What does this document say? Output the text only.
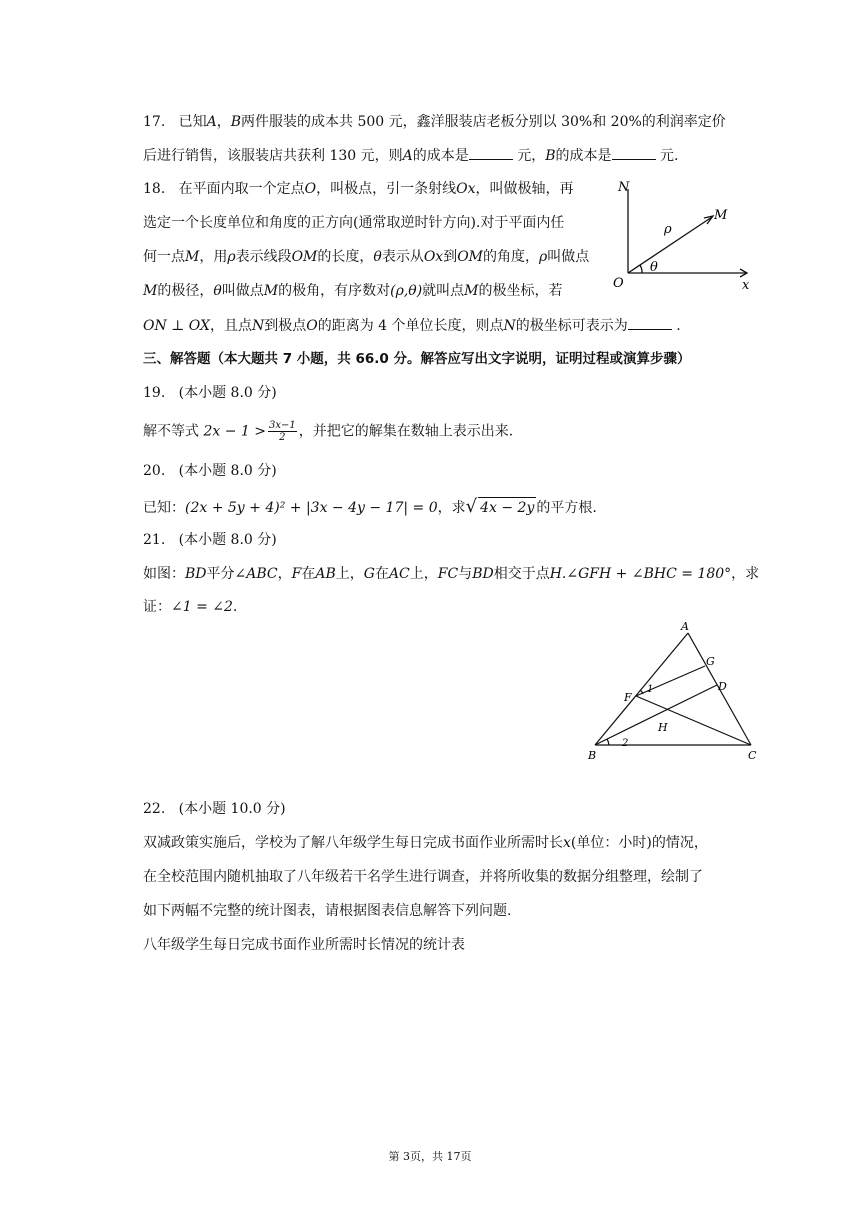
17. 已知A，B两件服装的成本共 500 元，鑫洋服装店老板分别以 30%和 20%的利润率定价
后进行销售，该服装店共获利 130 元，则A的成本是	元，B的成本是	元.
18. 在平面内取一个定点O，叫极点，引一条射线Ox，叫做极轴，再
选定一个长度单位和角度的正方向(通常取逆时针方向).对于平面内任
何一点M，用ρ表示线段OM的长度，θ表示从Ox到OM的角度，ρ叫做点
M的极径，θ叫做点M的极角，有序数对(ρ,θ)就叫点M的极坐标，若
ON ⊥ OX，且点N到极点O的距离为 4 个单位长度，则点N的极坐标可表示为	.
N
M
ρ
θ
O	x
三、解答题（本大题共 7 小题，共 66.0 分。解答应写出文字说明，证明过程或演算步骤）
19. (本小题 8.0 分)
解不等式 $2x - 1 > \frac{3x-1}{2}$ ，并把它的解集在数轴上表示出来.
20. (本小题 8.0 分)
已知：(2x + 5y + 4)² + |3x − 4y − 17| = 0，求√ 4x − 2y 的平方根.
21. (本小题 8.0 分)
如图：BD平分∠ABC，F在AB上，G在AC上，FC与BD相交于点H.∠GFH + ∠BHC = 180°，求
证：∠1 = ∠2.
A
G
D
F
1
H
B
2
C
22. (本小题 10.0 分)
双减政策实施后，学校为了解八年级学生每日完成书面作业所需时长x(单位：小时)的情况，
在全校范围内随机抽取了八年级若干名学生进行调查，并将所收集的数据分组整理，绘制了
如下两幅不完整的统计图表，请根据图表信息解答下列问题.
八年级学生每日完成书面作业所需时长情况的统计表
第 3页，共 17页
